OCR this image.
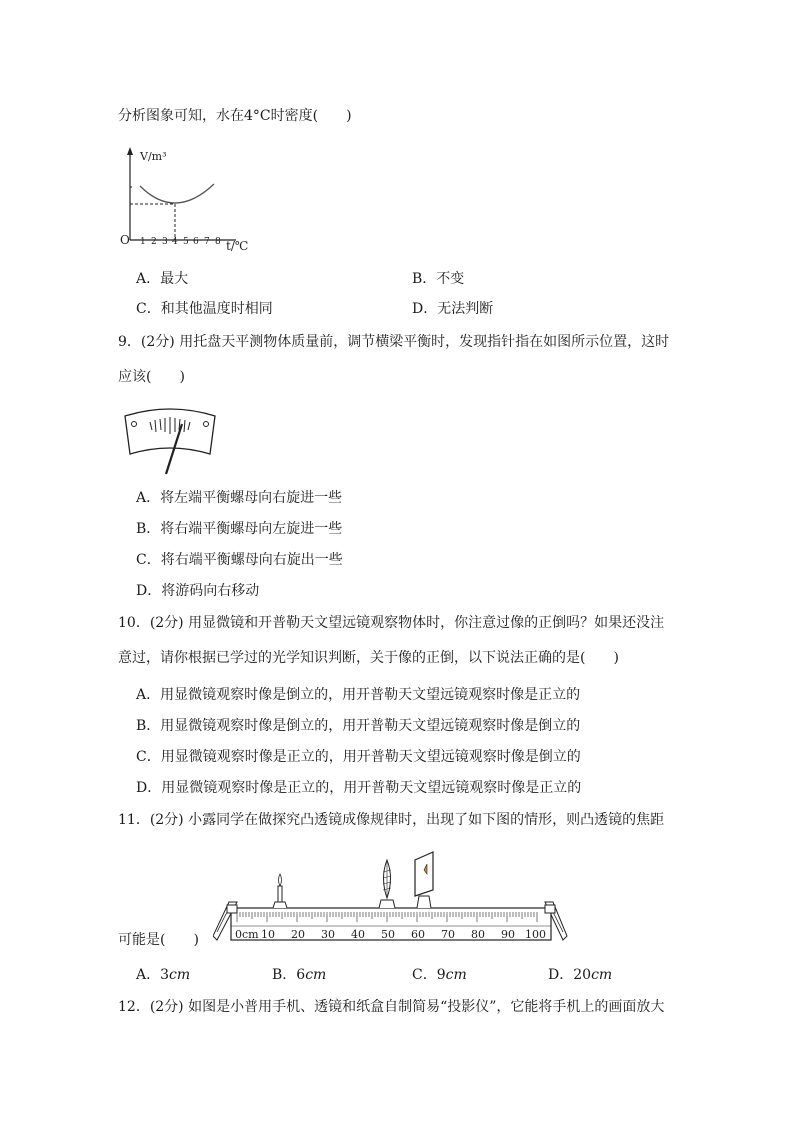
分析图象可知，水在4°C时密度(　　)
V/m³
O 1 2 3 4 5 6 7 8 t/℃
A．最大	B．不变
C．和其他温度时相同	D．无法判断
9．(2分) 用托盘天平测物体质量前，调节横梁平衡时，发现指针指在如图所示位置，这时
应该(　　)
A．将左端平衡螺母向右旋进一些
B．将右端平衡螺母向左旋进一些
C．将右端平衡螺母向右旋出一些
D．将游码向右移动
10．(2分) 用显微镜和开普勒天文望远镜观察物体时，你注意过像的正倒吗？如果还没注
意过，请你根据已学过的光学知识判断，关于像的正倒，以下说法正确的是(　　)
A．用显微镜观察时像是倒立的，用开普勒天文望远镜观察时像是正立的
B．用显微镜观察时像是倒立的，用开普勒天文望远镜观察时像是倒立的
C．用显微镜观察时像是正立的，用开普勒天文望远镜观察时像是倒立的
D．用显微镜观察时像是正立的，用开普勒天文望远镜观察时像是正立的
11．(2分) 小露同学在做探究凸透镜成像规律时，出现了如下图的情形，则凸透镜的焦距
0cm 10 20 30 40 50 60 70 80 90 100
可能是(　　)
A．3cm	B．6cm	C．9cm	D．20cm
12．(2分) 如图是小普用手机、透镜和纸盒自制简易“投影仪”，它能将手机上的画面放大
